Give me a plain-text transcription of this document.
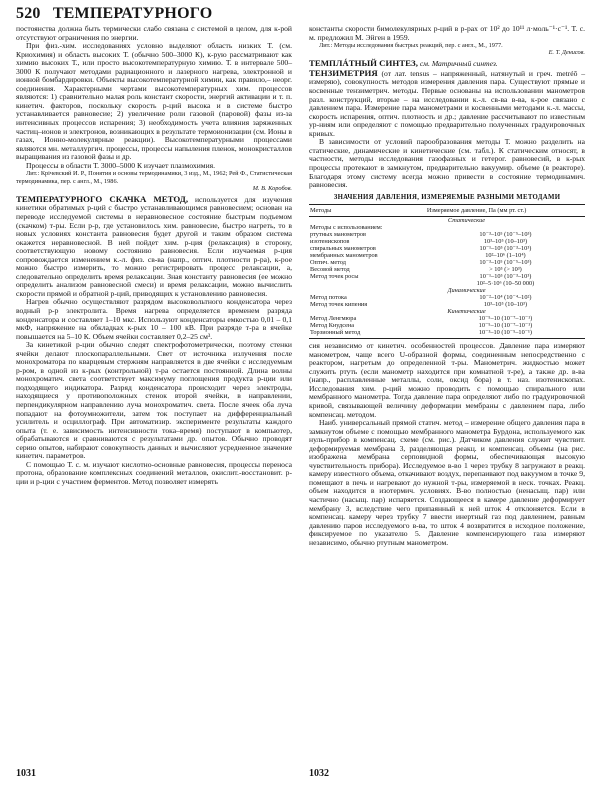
520 ТЕМПЕРАТУРНОГО

постоянства должна быть термически слабо связана с системой в целом, для к-рой отсутствуют ограничения по энергии.

При физ.-хим. исследованиях условно выделяют область низких Т. (см. Криохимия) и область высоких Т. (обычно 500–3000 К), к-рую рассматривают как химию высоких Т., или просто высокотемпературную химию. Т. в интервале 500–3000 К получают методами радиационного и лазерного нагрева, электронной и ионной бомбардировки. Объекты высокотемпературной химии, как правило,– неорг. соединения. Характерными чертами высокотемпературных хим. процессов являются: 1) сравнительно малая роль констант скорости, энергий активации и т. п. кинетич. факторов, поскольку скорость р-ций высока и в системе быстро устанавливается равновесие; 2) увеличение роли газовой (паровой) фазы из-за интенсивных процессов испарения; 3) необходимость учета влияния заряженных частиц–ионов и электронов, возникающих в результате термоионизации (см. Ионы в газах, Ионно-молекулярные реакции). Высокотемпературными процессами являются мн. металлургич. процессы, процессы напыления пленок, монокристаллов выращивания из газовой фазы и др.

Процессы в области Т. 3000–5000 К изучает плазмохимия.

Лит.: Крічевский И. Р., Понятия и основы термодинамики, 3 изд., М., 1962; Рей Ф., Статистическая термодинамика, пер. с англ., М., 1986.

М. В. Коробов.

ТЕМПЕРАТУРНОГО СКАЧКА МЕТОД, используется для изучения кинетики обратимых р-ций с быстро устанавливающимся равновесием; основан на переводе исследуемой системы в неравновесное состояние быстрым подъемом (скачком) т-ры. Если р-р, где установилось хим. равновесие, быстро нагреть, то в новых условиях константа равновесия будет другой и таким образом система окажется неравновесной. В ней пойдет хим. р-ция (релаксация) в сторону, соответствующую новому состоянию равновесия. Если изучаемая р-ция сопровождается изменением к.-л. физ. св-ва (напр., оптич. плотности р-ра), к-рое можно быстро измерить, то можно регистрировать процесс релаксации, а, следовательно определить время релаксации. Зная константу равновесия (ее можно определить анализом равновесной смеси) и время релаксации, можно вычислить скорости прямой и обратной р-ций, приводящих к установлению равновесия.

Нагрев обычно осуществляют разрядом высоковольтного конденсатора через водный р-р электролита. Время нагрева определяется временем разряда конденсатора и составляет 1–10 мкс. Используют конденсаторы емкостью 0,01 – 0,1 мкФ, напряжение на обкладках к-рых 10 – 100 кВ. При разряде т-ра в ячейке повышается на 5–10 К. Объем ячейки составляет 0,2–25 см³.

За кинетикой р-ции обычно следят спектрофотометрически, поэтому стенки ячейки делают плоскопараллельными. Свет от источника излучения после монохроматора по кварцевым стержням направляется в две ячейки с исследуемым р-ром, в одной из к-рых (контрольной) т-ра остается постоянной. Длина волны монохроматич. света соответствует максимуму поглощения продукта р-ции или подходящего индикатора. Разряд конденсатора происходит через электроды, находящиеся у противоположных стенок второй ячейки, в направлении, перпендикулярном направлению луча монохроматич. света. После ячеек оба луча попадают на фотоумножители, затем ток поступает на дифференциальный усилитель и осциллограф. При автоматизир. эксперименте результаты каждого опыта (т. е. зависимость интенсивности тока–время) поступают в компьютер, обрабатываются и сравниваются с результатами др. опытов. Обычно проводят серию опытов, набирают совокупность данных и вычисляют усредненное значение кинетич. параметров.

С помощью Т. с. м. изучают кислотно-основные равновесия, процессы переноса протона, образование комплексных соединений металлов, окислит.-восстановит. р-ции и р-ции с участием ферментов. Метод позволяет измерять

константы скорости бимолекулярных р-ций в р-рах от 10² до 10¹¹ л·моль⁻¹·с⁻¹. Т. с. м. предложил М. Эйген в 1959.

Лит.: Методы исследования быстрых реакций, пер. с англ., М., 1977.

Е. Т. Денисов.

ТЕМПЛÁТНЫЙ СИНТЕЗ, см. Матричный синтез.

ТЕНЗИМЕТРИЯ (от лат. tensus – напряженный, натянутый и греч. metréō – измеряю), совокупность методов измерения давления пара. Существуют прямые и косвенные тензиметрич. методы. Первые основаны на использовании манометров разл. конструкций, вторые – на исследовании к.-л. св-ва в-ва, к-рое связано с давлением пара. Измерение пара манометрами и косвенными методами к.-л. массы, скорость испарения, оптич. плотность и др.; давление рассчитывают по известным ур-ниям или определяют с помощью предварительно полученных градуировочных кривых.

В зависимости от условий парообразования методы Т. можно разделить на статические, динамические и кинетические (см. табл.). К статическим относят, в частности, методы исследования газофазных и гетерог. равновесий, в к-рых процессы протекают в замкнутом, предварительно вакуумир. объеме (в реакторе). Благодаря этому систему всегда можно привести в состояние термодинамич. равновесия.

ЗНАЧЕНИЯ ДАВЛЕНИЯ, ИЗМЕРЯЕМЫЕ РАЗНЫМИ МЕТОДАМИ
Методы	Измеряемое давление, Па (мм рт. ст.)
Статические	
Методы с использованием:	
ртутных манометров	10⁻³–10⁵ (10⁻⁵–10³)
изотенископов	10³–10⁵ (10–10³)
спиральных манометров	10⁻¹–10⁵ (10⁻³–10³)
мембранных манометров	10²–10⁶ (1–10⁴)
Оптич. метод	10⁻³–10⁵ (10⁻⁵–10³)
Весовой метод	> 10⁵ (> 10³)
Метод точек росы	10⁻¹–10⁵ (10⁻³–10³)
	10²–5·10⁶ (10–50 000)
Динамические	
Метод потока	10⁻²–10⁴ (10⁻⁴–10²)
Метод точек кипения	10³–10⁵ (10–10³)
Кинетические	
Метод Ленгмюра	10⁻⁵–10 (10⁻⁷–10⁻¹)
Метод Кнудсена	10⁻⁵–10 (10⁻⁷–10⁻¹)
Торзионный метод	10⁻³–10 (10⁻⁵–10⁻¹)

сия независимо от кинетич. особенностей процессов. Давление пара измеряют манометром, чаще всего U-образной формы, соединенным непосредственно с реактором, нагретым до определенной т-ры. Манометрич. жидкостью может служить ртуть (если манометр находится при комнатной т-ре), а также др. в-ва (напр., расплавленные металлы, соли, оксид бора) в т. наз. изотенископах. Исследования хим. р-ций можно проводить с помощью спирального или мембранного манометра. Тогда давление пара определяют либо по градуировочной кривой, связывающей величину деформации мембраны с давлением пара, либо компенсац. методом.

Наиб. универсальный прямой статич. метод – измерение общего давления пара в замкнутом объеме с помощью мембранного манометра Бурдона, используемого как нуль-прибор в компенсац. схеме (см. рис.). Датчиком давления служит чувствит. деформируемая мембрана 3, разделяющая реакц. и компенсац. объемы (на рис. изображена мембрана серповидной формы, обеспечивающая высокую чувствительность прибора). Исследуемое в-во 1 через трубку 8 загружают в реакц. камеру известного объема, откачивают воздух, перепаивают под вакуумом в точке 9, помещают в печь и нагревают до нужной т-ры, измеряемой в неск. точках. Реакц. объем находится в изотермич. условиях. В-во полностью (ненасыщ. пар) или частично (насыщ. пар) испаряется. Создающееся в камере давление деформирует мембрану 3, вследствие чего припаянный к ней шток 4 отклоняется. Если в компенсац. камеру через трубку 7 ввести инертный газ под давлением, равным давлению паров исследуемого в-ва, то шток 4 возвратится в исходное положение, фиксируемое по указателю 5. Давление компенсирующего газа измеряют независимо, обычно ртутным манометром.

1031	1032
